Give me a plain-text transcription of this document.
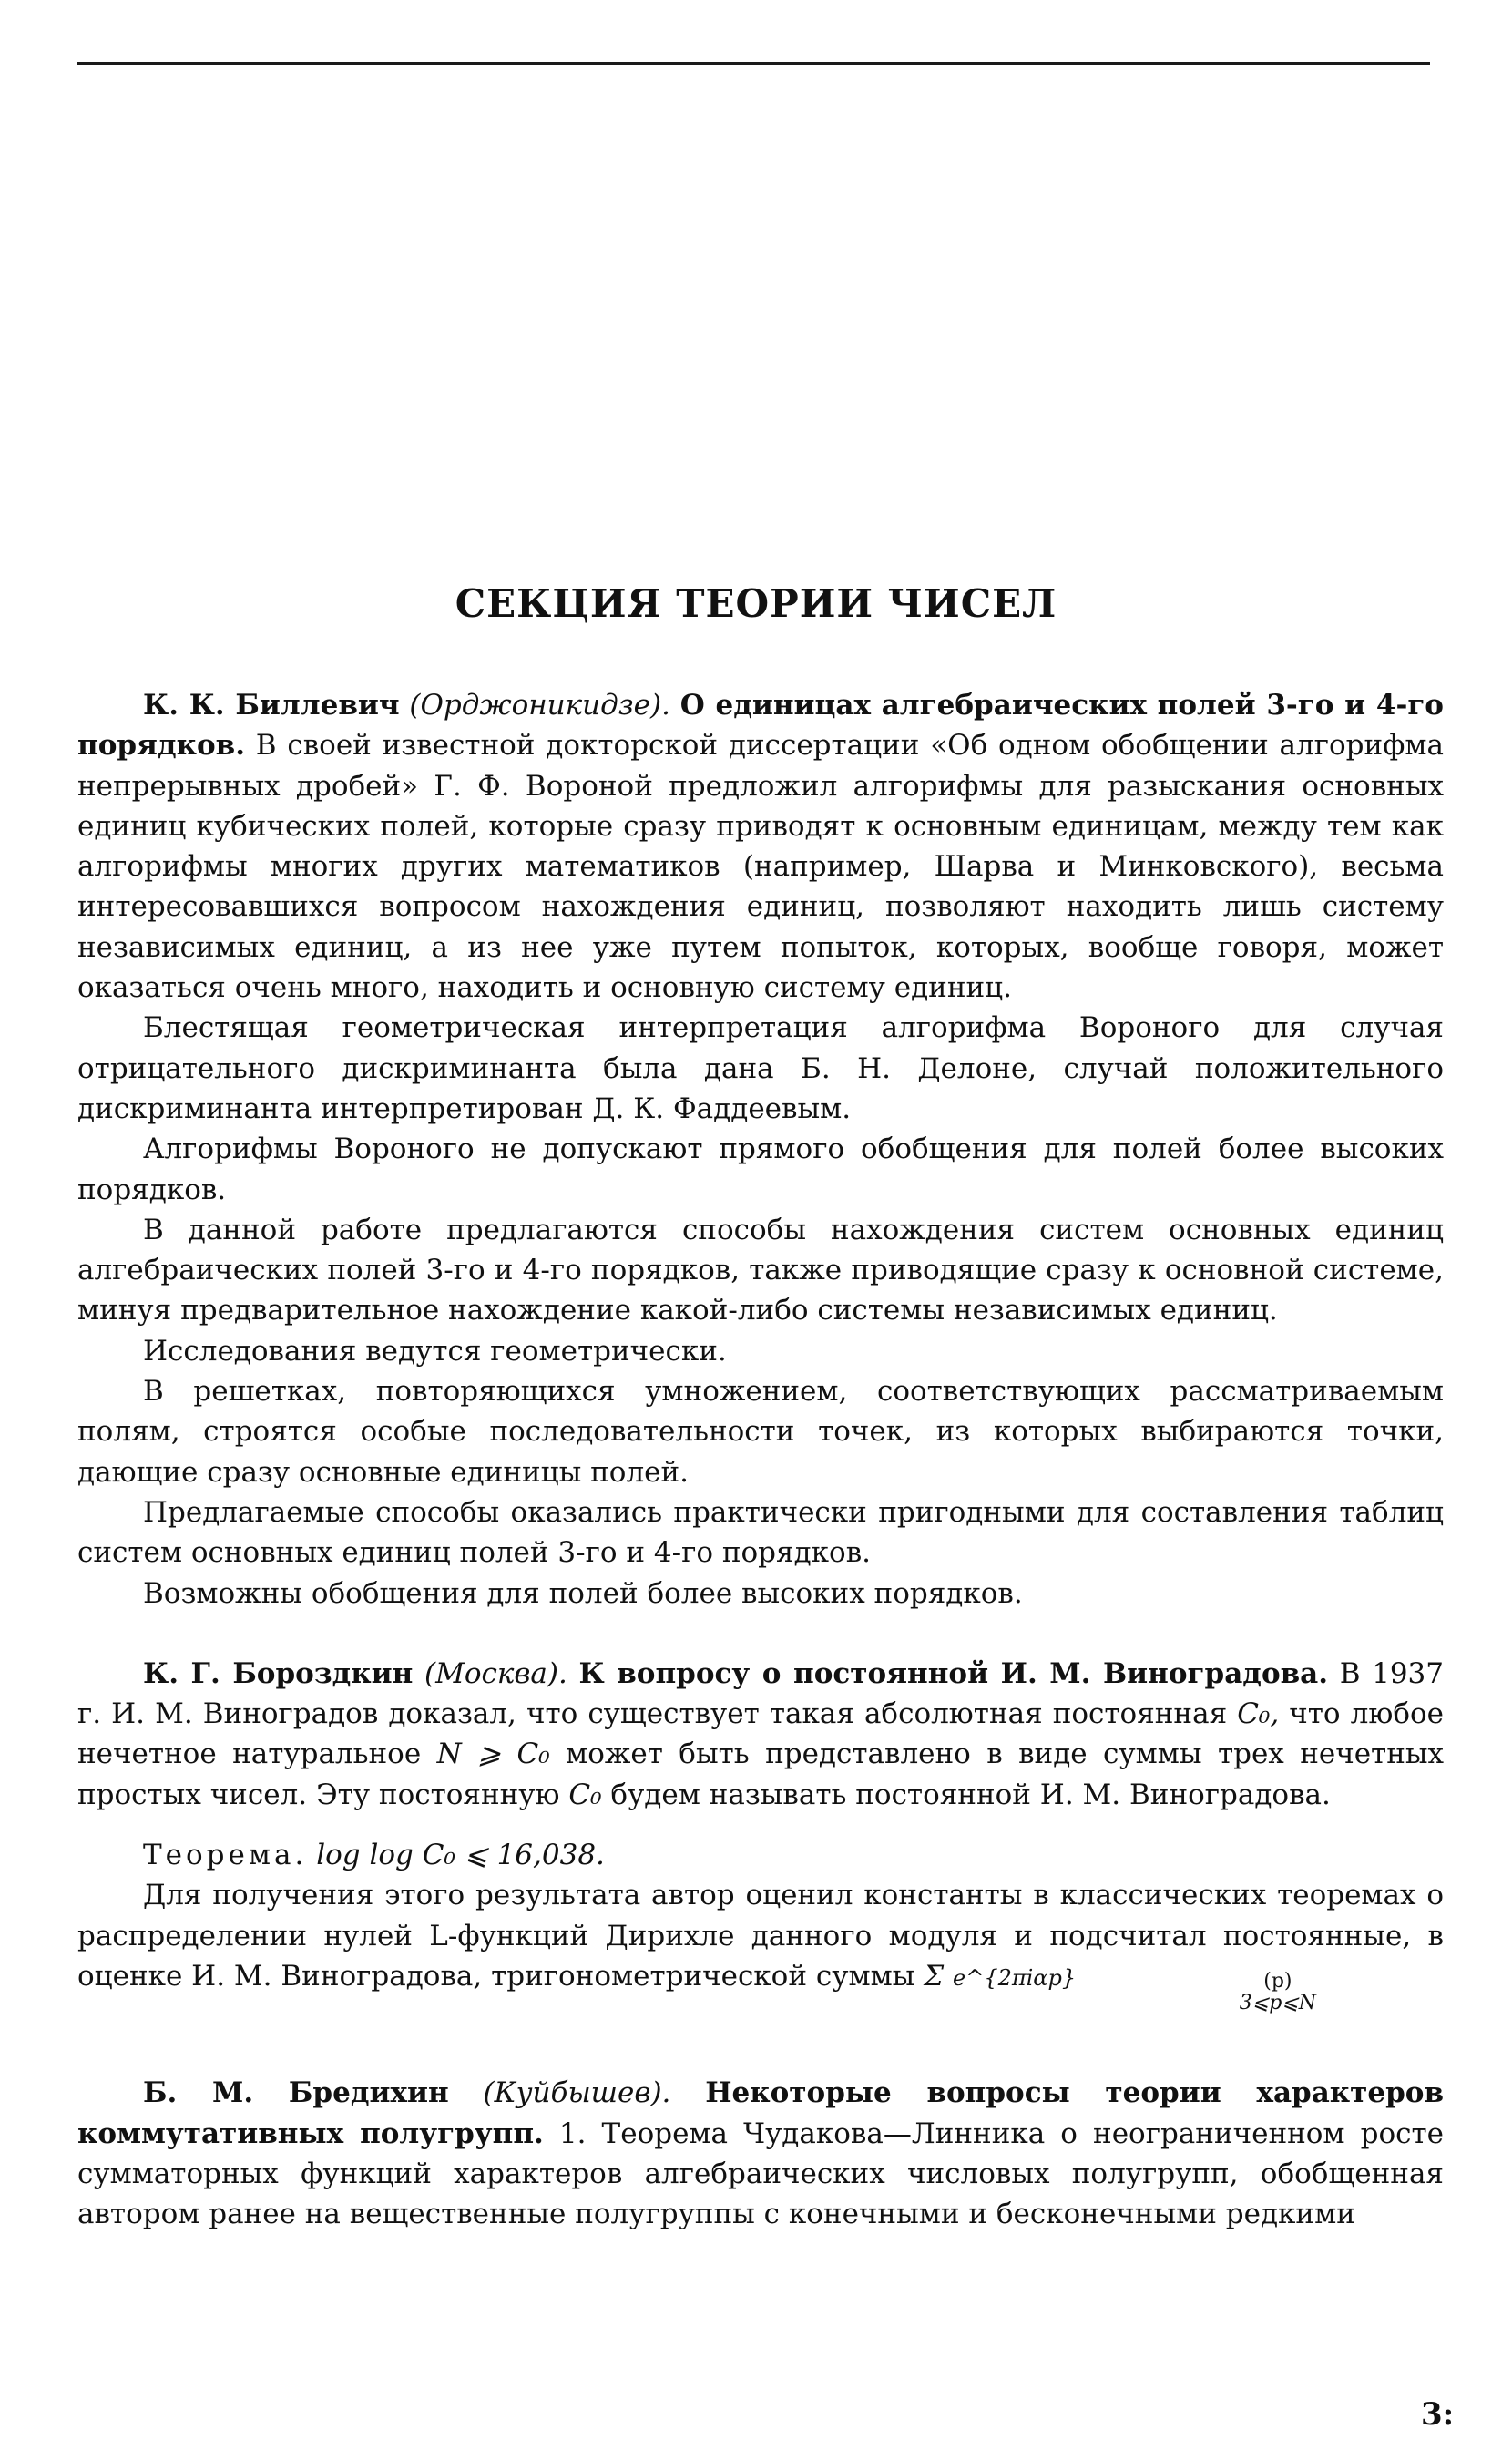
СЕКЦИЯ ТЕОРИИ ЧИСЕЛ

К. К. Биллевич (Орджоникидзе). О единицах алгебраических полей 3-го и 4-го порядков. В своей известной докторской диссертации «Об одном обобщении алгорифма непрерывных дробей» Г. Ф. Вороной предложил алгорифмы для разыскания основных единиц кубических полей, которые сразу приводят к основным единицам, между тем как алгорифмы многих других математиков (например, Шарва и Минковского), весьма интересовавшихся вопросом нахождения единиц, позволяют находить лишь систему независимых единиц, а из нее уже путем попыток, которых, вообще говоря, может оказаться очень много, находить и основную систему единиц.

Блестящая геометрическая интерпретация алгорифма Вороного для случая отрицательного дискриминанта была дана Б. Н. Делоне, случай положительного дискриминанта интерпретирован Д. К. Фаддеевым.

Алгорифмы Вороного не допускают прямого обобщения для полей более высоких порядков.

В данной работе предлагаются способы нахождения систем основных единиц алгебраических полей 3-го и 4-го порядков, также приводящие сразу к основной системе, минуя предварительное нахождение какой-либо системы независимых единиц.

Исследования ведутся геометрически.

В решетках, повторяющихся умножением, соответствующих рассматриваемым полям, строятся особые последовательности точек, из которых выбираются точки, дающие сразу основные единицы полей.

Предлагаемые способы оказались практически пригодными для составления таблиц систем основных единиц полей 3-го и 4-го порядков.

Возможны обобщения для полей более высоких порядков.

К. Г. Бороздкин (Москва). К вопросу о постоянной И. М. Виноградова. В 1937 г. И. М. Виноградов доказал, что существует такая абсолютная постоянная C₀, что любое нечетное натуральное N ⩾ C₀ может быть представлено в виде суммы трех нечетных простых чисел. Эту постоянную C₀ будем называть постоянной И. М. Виноградова.

Теорема. log log C₀ ⩽ 16,038.

Для получения этого результата автор оценил константы в классических теоремах о распределении нулей L-функций Дирихле данного модуля и подсчитал постоянные, в оценке И. М. Виноградова, тригонометрической суммы Σ e^{2πiαp}	(p)
3⩽p⩽N

Б. М. Бредихин (Куйбышев). Некоторые вопросы теории характеров коммутативных полугрупп. 1. Теорема Чудакова—Линника о неограниченном росте сумматорных функций характеров алгебраических числовых полугрупп, обобщенная автором ранее на вещественные полугруппы с конечными и бесконечными редкими

3:
